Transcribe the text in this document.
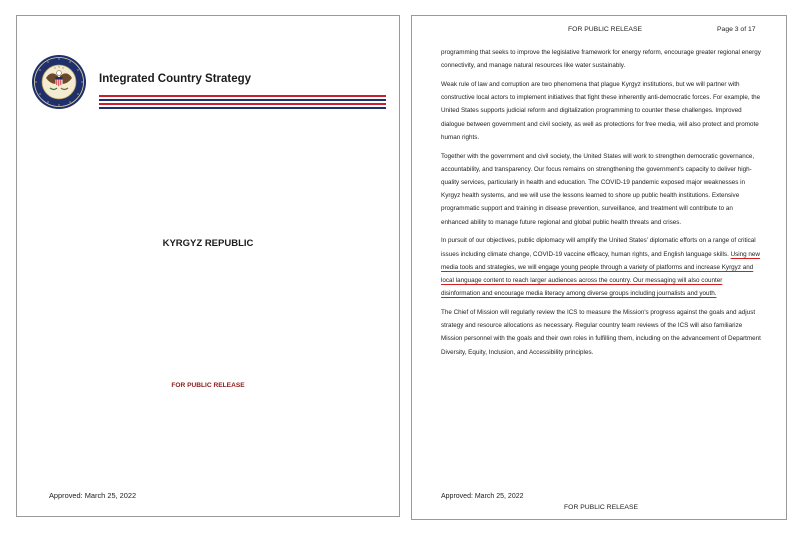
Integrated Country Strategy
KYRGYZ REPUBLIC
FOR PUBLIC RELEASE
Approved: March 25, 2022
FOR PUBLIC RELEASE	Page 3 of 17

programming that seeks to improve the legislative framework for energy reform, encourage greater regional energy connectivity, and manage natural resources like water sustainably.

Weak rule of law and corruption are two phenomena that plague Kyrgyz institutions, but we will partner with constructive local actors to implement initiatives that fight these inherently anti-democratic forces. For example, the United States supports judicial reform and digitalization programming to counter these challenges. Improved dialogue between government and civil society, as well as protections for free media, will also protect and promote human rights.

Together with the government and civil society, the United States will work to strengthen democratic governance, accountability, and transparency. Our focus remains on strengthening the government's capacity to deliver high-quality services, particularly in health and education. The COVID-19 pandemic exposed major weaknesses in Kyrgyz health systems, and we will use the lessons learned to shore up public health institutions. Extensive programmatic support and training in disease prevention, surveillance, and treatment will contribute to an enhanced ability to manage future regional and global public health threats and crises.

In pursuit of our objectives, public diplomacy will amplify the United States' diplomatic efforts on a range of critical issues including climate change, COVID-19 vaccine efficacy, human rights, and English language skills. Using new media tools and strategies, we will engage young people through a variety of platforms and increase Kyrgyz and local language content to reach larger audiences across the country. Our messaging will also counter disinformation and encourage media literacy among diverse groups including journalists and youth.

The Chief of Mission will regularly review the ICS to measure the Mission's progress against the goals and adjust strategy and resource allocations as necessary. Regular country team reviews of the ICS will also familiarize Mission personnel with the goals and their own roles in fulfilling them, including on the advancement of Department Diversity, Equity, Inclusion, and Accessibility principles.

Approved: March 25, 2022
FOR PUBLIC RELEASE
